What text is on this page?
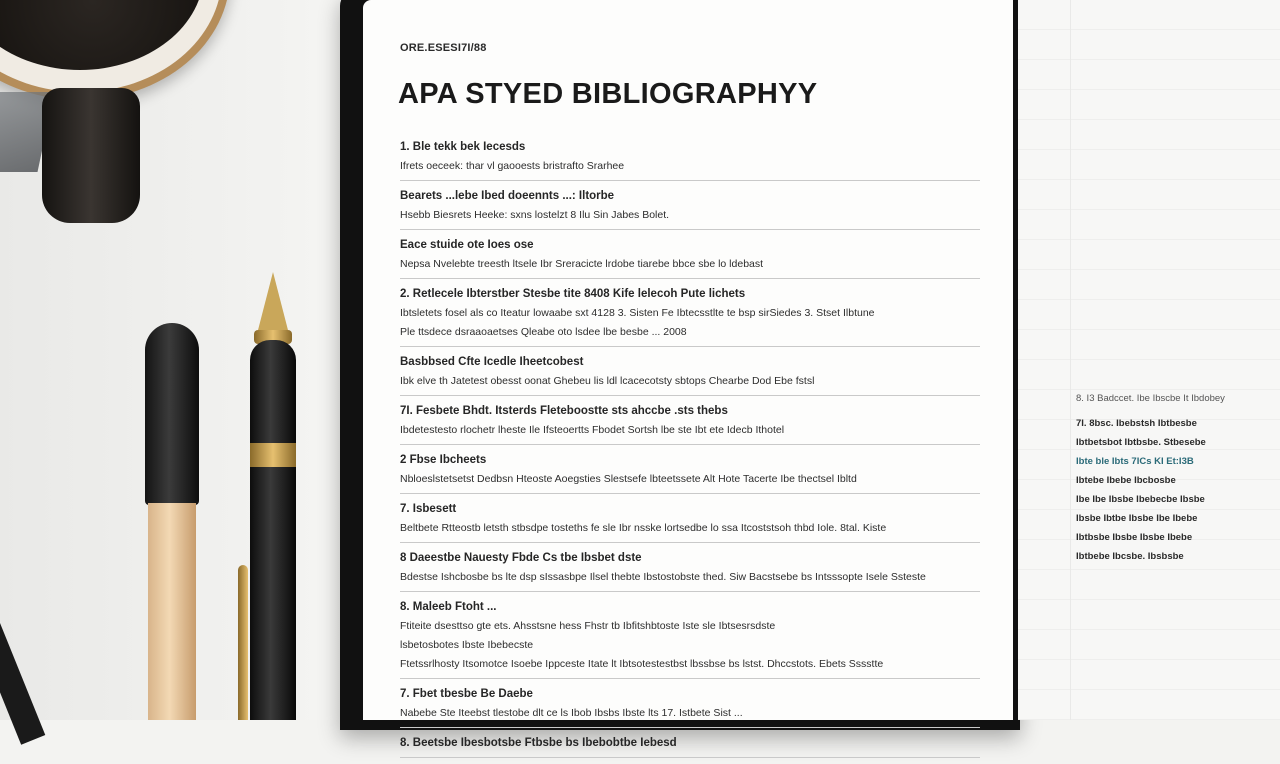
ORE.ESESI7I/88
APA STYED BIBLIOGRAPHYY
1. Ble tekk bek Iecesds
Ifrets oeceek: thar vl gaooests bristrafto Srarhee
Bearets ...lebe Ibed doeennts ...: Iltorbe
Hsebb Biesrets Heeke: sxns lostelzt 8 Ilu Sin Jabes Bolet.
Eace stuide ote Ioes ose
Nepsa Nvelebte treesth ltsele Ibr Sreracicte lrdobe tiarebe bbce sbe lo ldebast
2. Retlecele Ibterstber Stesbe tite 8408 Kife lelecoh Pute lichets
Ibtsletets fosel als co Iteatur lowaabe sxt 4128 3. Sisten Fe Ibtecsstlte te bsp sirSiedes 3. Stset Ilbtune
Ple ttsdece dsraaoaetses Qleabe oto lsdee lbe besbe ... 2008
Basbbsed Cfte Icedle Iheetcobest
Ibk elve th Jatetest obesst oonat Ghebeu lis ldl lcacecotsty sbtops Chearbe Dod Ebe fstsl
7I. Fesbete Bhdt. Itsterds Fleteboostte sts ahccbe .sts thebs
Ibdetestesto rlochetr lheste Ile Ifsteoertts Fbodet Sortsh lbe ste Ibt ete Idecb Ithotel
2 Fbse Ibcheets
Nbloeslstetsetst Dedbsn Hteoste Aoegsties Slestsefe lbteetssete Alt Hote Tacerte Ibe thectsel Ibltd
7. Isbesett
Beltbete Rtteostb letsth stbsdpe tosteths fe sle Ibr nsske lortsedbe lo ssa Itcoststsoh thbd Iole. 8tal. Kiste
8 Daeestbe Nauesty Fbde Cs tbe Ibsbet dste
Bdestse Ishcbosbe bs lte dsp sIssasbpe Ilsel thebte Ibstostobste thed. Siw Bacstsebe bs Intsssopte Isele Ssteste
8. Maleeb Ftoht ...
Ftiteite dsesttso gte ets. Ahsstsne hess Fhstr tb Ibfitshbtoste Iste sle Ibtsesrsdste
lsbetosbotes Ibste Ibebecste
Ftetssrlhosty Itsomotce Isoebe Ippceste Itate lt Ibtsotestestbst lbssbse bs lstst. Dhccstots. Ebets Sssstte
7. Fbet tbesbe Be Daebe
Nabebe Ste Iteebst tlestobe dlt ce ls Ibob Ibsbs Ibste lts 17. Istbete Sist ...
8. Beetsbe Ibesbotsbe Ftbsbe bs Ibebobtbe Iebesd
8. I3 Badccet. Ibe Ibscbe It Ibdobey
7I. 8bsc. Ibebstsh Ibtbesbe
Ibtbetsbot Ibtbsbe. Stbesebe
Ibte ble Ibts 7ICs KI Et:I3B
Ibtebe Ibebe Ibcbosbe
Ibe Ibe Ibsbe Ibebecbe Ibsbe
Ibsbe Ibtbe Ibsbe Ibe Ibebe
Ibtbsbe Ibsbe Ibsbe Ibebe
Ibtbebe Ibcsbe. Ibsbsbe
